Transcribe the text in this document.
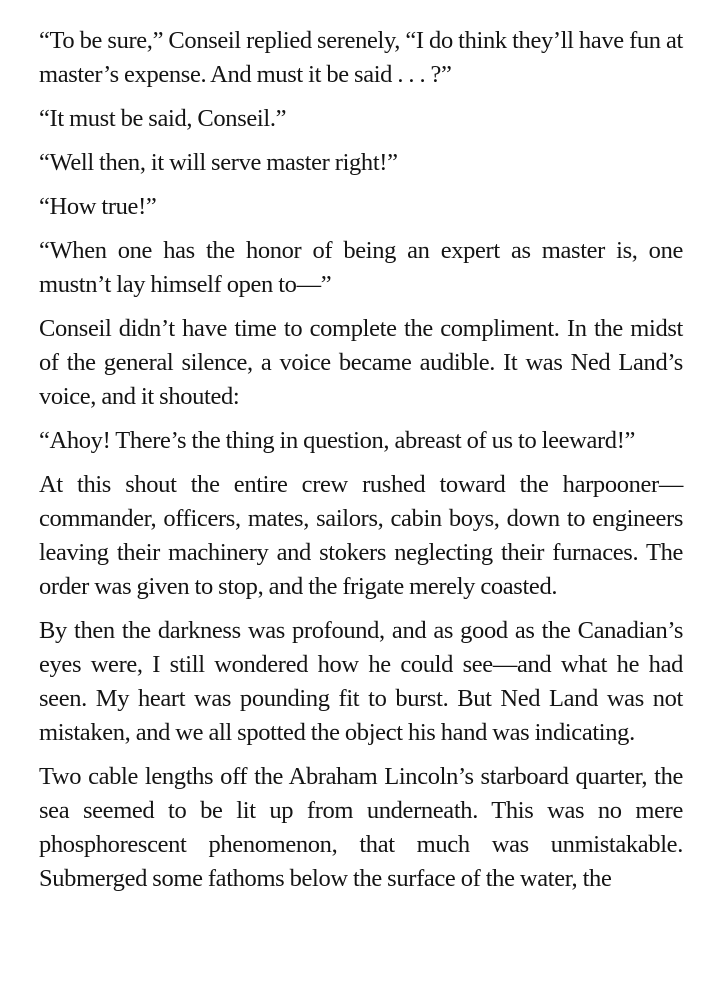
“To be sure,” Conseil replied serenely, “I do think they’ll have fun at master’s expense. And must it be said . . . ?”

“It must be said, Conseil.”

“Well then, it will serve master right!”

“How true!”

“When one has the honor of being an expert as master is, one mustn’t lay himself open to—”

Conseil didn’t have time to complete the compliment. In the midst of the general silence, a voice became audible. It was Ned Land’s voice, and it shouted:

“Ahoy! There’s the thing in question, abreast of us to leeward!”

At this shout the entire crew rushed toward the harpooner—commander, officers, mates, sailors, cabin boys, down to engineers leaving their machinery and stokers neglecting their furnaces. The order was given to stop, and the frigate merely coasted.

By then the darkness was profound, and as good as the Canadian’s eyes were, I still wondered how he could see—and what he had seen. My heart was pounding fit to burst. But Ned Land was not mistaken, and we all spotted the object his hand was indicating.

Two cable lengths off the Abraham Lincoln’s starboard quarter, the sea seemed to be lit up from underneath. This was no mere phosphorescent phenomenon, that much was unmistakable. Submerged some fathoms below the surface of the water, the
